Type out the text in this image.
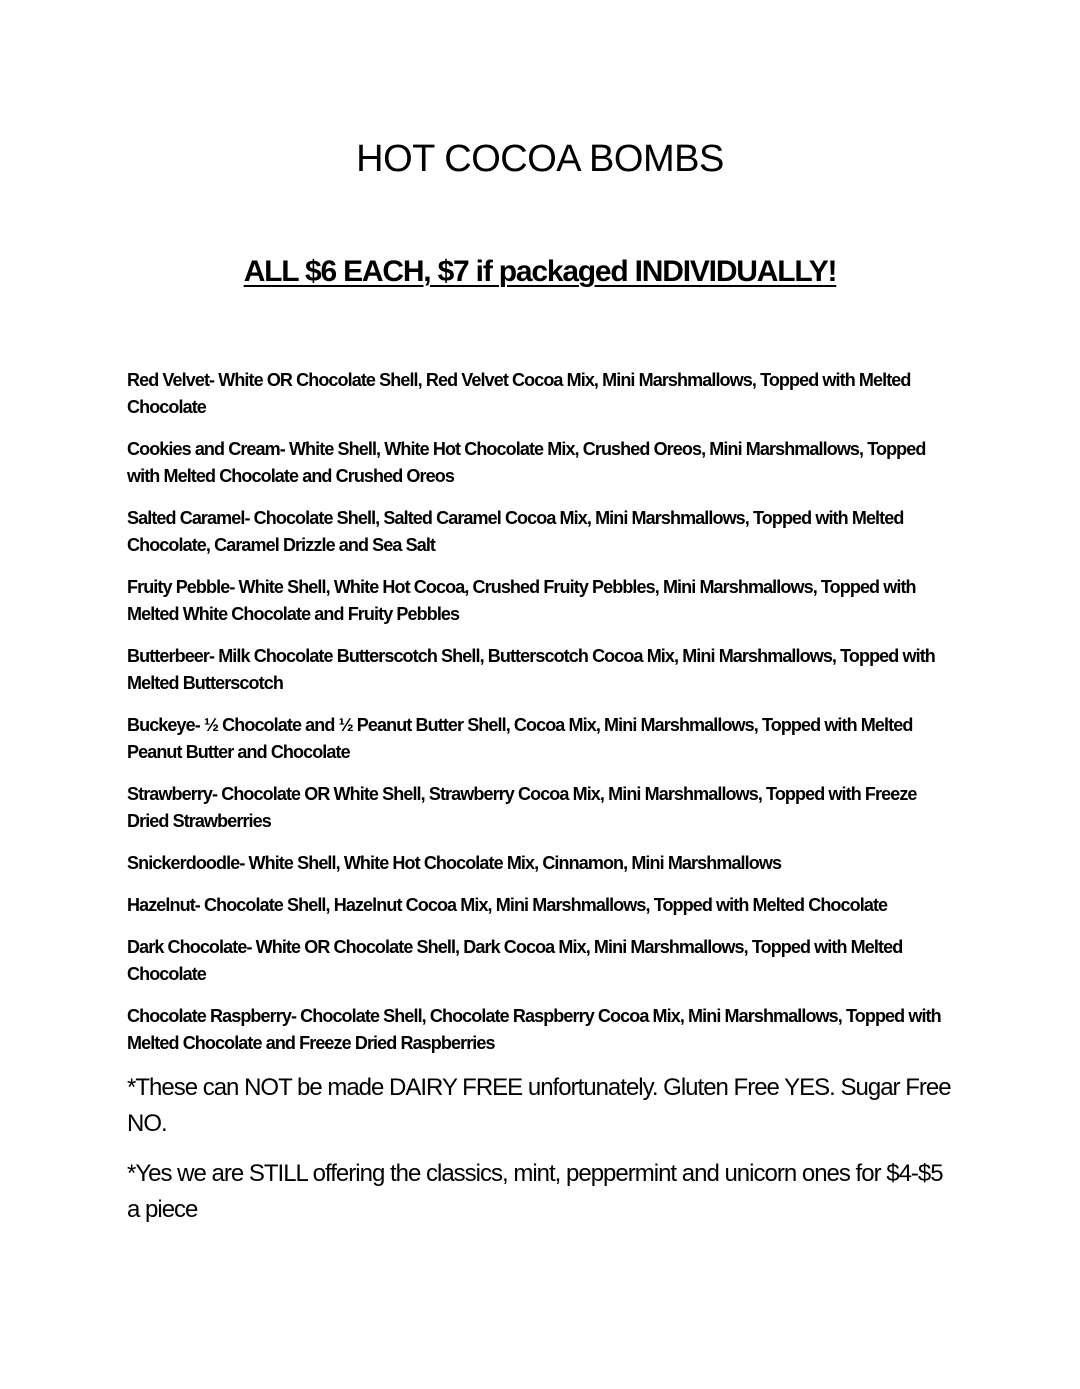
HOT COCOA BOMBS
ALL $6 EACH, $7 if packaged INDIVIDUALLY!
Red Velvet- White OR Chocolate Shell, Red Velvet Cocoa Mix, Mini Marshmallows, Topped with Melted Chocolate
Cookies and Cream- White Shell, White Hot Chocolate Mix, Crushed Oreos, Mini Marshmallows, Topped with Melted Chocolate and Crushed Oreos
Salted Caramel- Chocolate Shell, Salted Caramel Cocoa Mix, Mini Marshmallows, Topped with Melted Chocolate, Caramel Drizzle and Sea Salt
Fruity Pebble- White Shell, White Hot Cocoa, Crushed Fruity Pebbles, Mini Marshmallows, Topped with Melted White Chocolate and Fruity Pebbles
Butterbeer- Milk Chocolate Butterscotch Shell, Butterscotch Cocoa Mix, Mini Marshmallows, Topped with Melted Butterscotch
Buckeye- ½ Chocolate and ½ Peanut Butter Shell, Cocoa Mix, Mini Marshmallows, Topped with Melted Peanut Butter and Chocolate
Strawberry- Chocolate OR White Shell, Strawberry Cocoa Mix, Mini Marshmallows, Topped with Freeze Dried Strawberries
Snickerdoodle- White Shell, White Hot Chocolate Mix, Cinnamon, Mini Marshmallows
Hazelnut- Chocolate Shell, Hazelnut Cocoa Mix, Mini Marshmallows, Topped with Melted Chocolate
Dark Chocolate- White OR Chocolate Shell, Dark Cocoa Mix, Mini Marshmallows, Topped with Melted Chocolate
Chocolate Raspberry- Chocolate Shell, Chocolate Raspberry Cocoa Mix, Mini Marshmallows, Topped with Melted Chocolate and Freeze Dried Raspberries

*These can NOT be made DAIRY FREE unfortunately. Gluten Free YES. Sugar Free NO.

*Yes we are STILL offering the classics, mint, peppermint and unicorn ones for $4-$5 a piece
